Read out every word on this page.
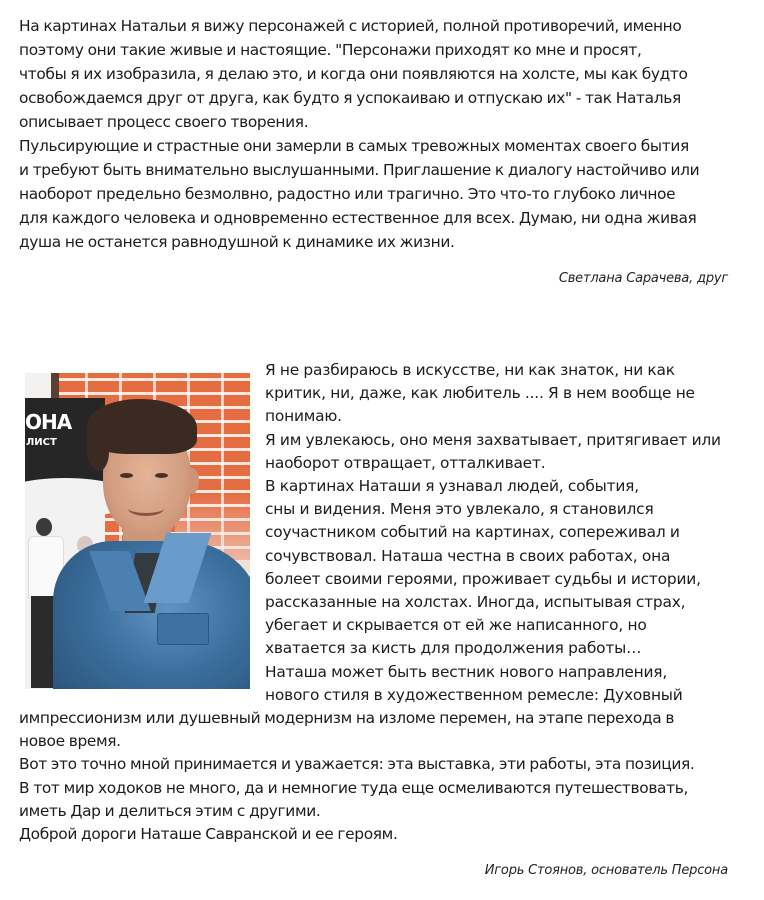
На картинах Натальи я вижу персонажей с историей, полной противоречий, именно
поэтому они такие живые и настоящие. "Персонажи приходят ко мне и просят,
чтобы я их изобразила, я делаю это, и когда они появляются на холсте, мы как будто
освобождаемся друг от друга, как будто я успокаиваю и отпускаю их" - так Наталья
описывает процесс своего творения.
Пульсирующие и страстные они замерли в самых тревожных моментах своего бытия
и требуют быть внимательно выслушанными. Приглашение к диалогу настойчиво или
наоборот предельно безмолвно, радостно или трагично. Это что-то глубоко личное
для каждого человека и одновременно естественное для всех. Думаю, ни одна живая
душа не останется равнодушной к динамике их жизни.
Светлана Сарачева, друг
ОНА
ЛИСТ
Я не разбираюсь в искусстве, ни как знаток, ни как
критик, ни, даже, как любитель .... Я в нем вообще не
понимаю.
Я им увлекаюсь, оно меня захватывает, притягивает или
наоборот отвращает, отталкивает.
В картинах Наташи я узнавал людей, события,
сны и видения. Меня это увлекало, я становился
соучастником событий на картинах, сопереживал и
сочувствовал. Наташа честна в своих работах, она
болеет своими героями, проживает судьбы и истории,
рассказанные на холстах. Иногда, испытывая страх,
убегает и скрывается от ей же написанного, но
хватается за кисть для продолжения работы…
Наташа может быть вестник нового направления,
нового стиля в художественном ремесле: Духовный
импрессионизм или душевный модернизм на изломе перемен, на этапе перехода в
новое время.
Вот это точно мной принимается и уважается: эта выставка, эти работы, эта позиция.
В тот мир ходоков не много, да и немногие туда еще осмеливаются путешествовать,
иметь Дар и делиться этим с другими.
Доброй дороги Наташе Савранской и ее героям.
Игорь Стоянов, основатель Персона
